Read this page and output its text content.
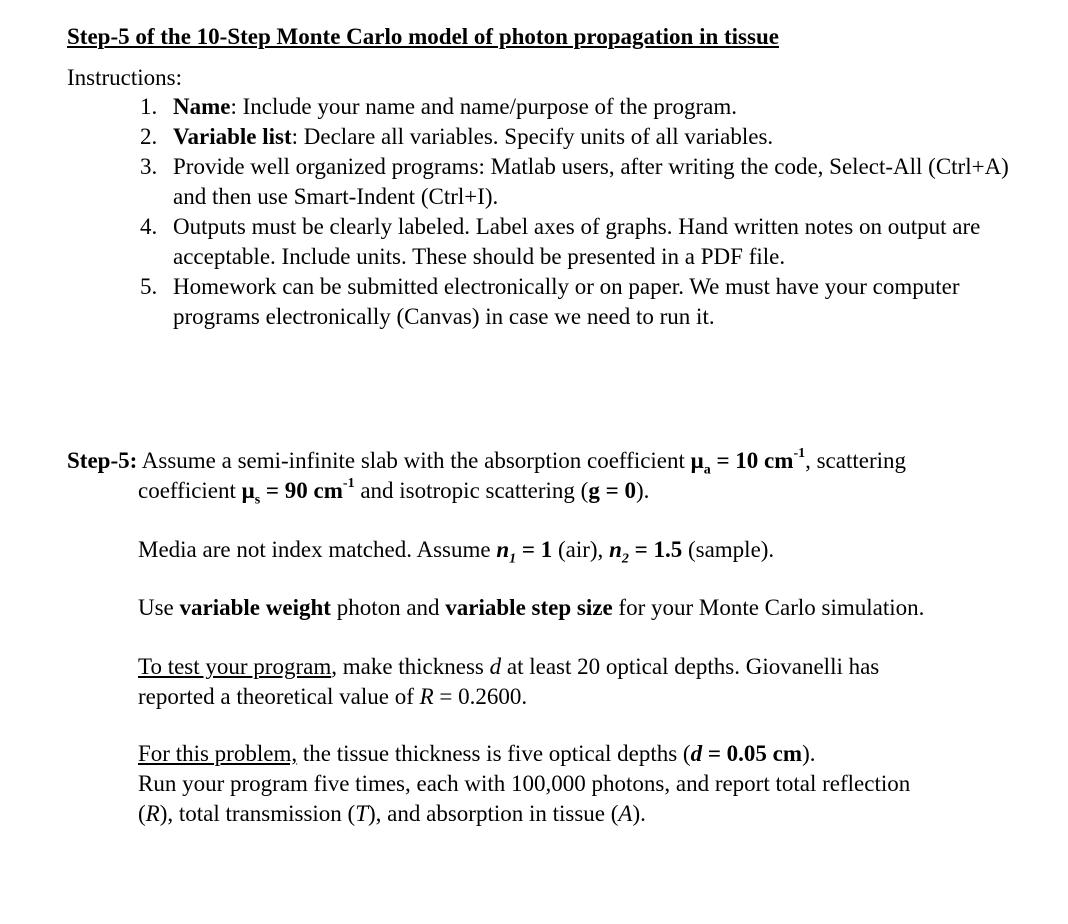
Step-5 of the 10-Step Monte Carlo model of photon propagation in tissue
Instructions:
1. Name: Include your name and name/purpose of the program.
2. Variable list: Declare all variables. Specify units of all variables.
3. Provide well organized programs: Matlab users, after writing the code, Select-All (Ctrl+A) and then use Smart-Indent (Ctrl+I).
4. Outputs must be clearly labeled. Label axes of graphs. Hand written notes on output are acceptable. Include units. These should be presented in a PDF file.
5. Homework can be submitted electronically or on paper. We must have your computer programs electronically (Canvas) in case we need to run it.
Step-5: Assume a semi-infinite slab with the absorption coefficient $\mu_a = 10$ $cm^{-1}$, scattering
coefficient $\mu_s = 90$ $cm^{-1}$ and isotropic scattering (g = 0).
Media are not index matched. Assume $n_1 = 1$ (air), $n_2 = 1.5$ (sample).
Use variable weight photon and variable step size for your Monte Carlo simulation.
To test your program, make thickness d at least 20 optical depths. Giovanelli has
reported a theoretical value of R = 0.2600.
For this problem, the tissue thickness is five optical depths (d = 0.05 cm).
Run your program five times, each with 100,000 photons, and report total reflection
(R), total transmission (T), and absorption in tissue (A).
